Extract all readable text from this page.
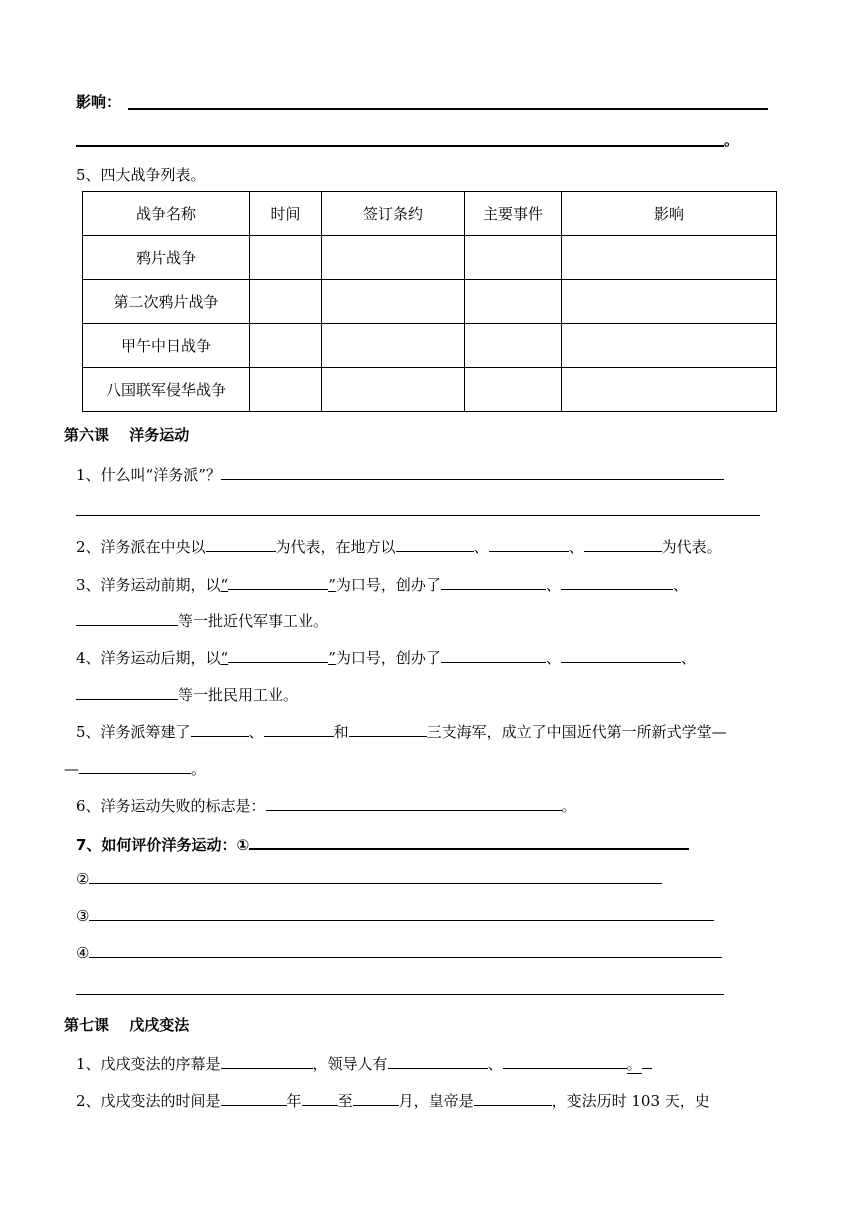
影响：
。
5、四大战争列表。
战争名称	时间	签订条约	主要事件	影响
鸦片战争				
第二次鸦片战争				
甲午中日战争				
八国联军侵华战争				
第六课　 洋务运动
1、什么叫“洋务派”？
2、洋务派在中央以	为代表，在地方以	、	、	为代表。
3、洋务运动前期，以“	”为口号，创办了	、	、
等一批近代军事工业。
4、洋务运动后期，以“	”为口号，创办了	、	、
等一批民用工业。
5、洋务派筹建了	、	和	三支海军，成立了中国近代第一所新式学堂—
—	。
6、洋务运动失败的标志是：	。
7、如何评价洋务运动：①
②
③
④
第七课　 戊戌变法
1、戊戌变法的序幕是	，领导人有	、	。
2、戊戌变法的时间是	年 至	月，皇帝是	，变法历时 103 天，史
